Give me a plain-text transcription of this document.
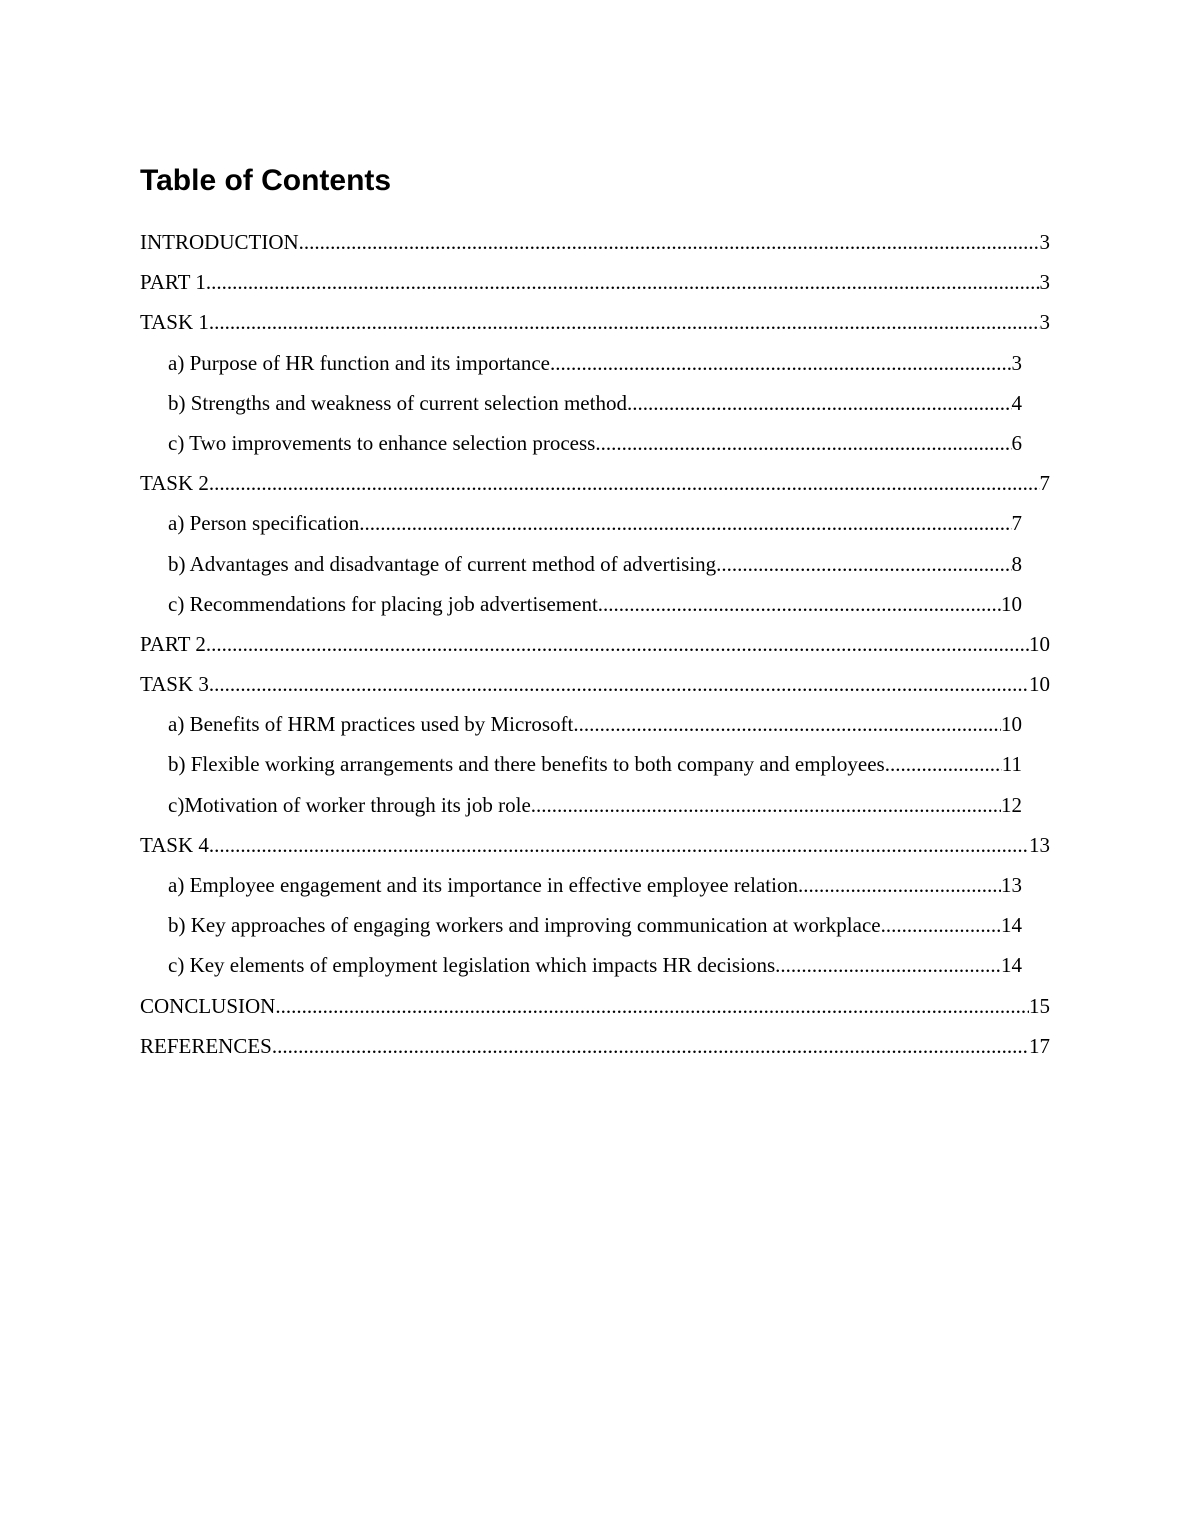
Table of Contents
INTRODUCTION .....	3
PART 1 .....	3
TASK 1 .....	3
a) Purpose of HR function and its importance .....	3
b) Strengths and weakness of current selection method .....	4
c) Two improvements to enhance selection process .....	6
TASK 2 .....	7
a) Person specification .....	7
b) Advantages and disadvantage of current method of advertising .....	8
c) Recommendations for placing job advertisement .....	10
PART 2 .....	10
TASK 3 .....	10
a) Benefits of HRM practices used by Microsoft .....	10
b) Flexible working arrangements and there benefits to both company and employees .....	11
c)Motivation of worker through its job role .....	12
TASK 4 .....	13
a) Employee engagement and its importance in effective employee relation .....	13
b) Key approaches of engaging workers and improving communication at workplace .....	14
c) Key elements of employment legislation which impacts HR decisions .....	14
CONCLUSION .....	15
REFERENCES .....	17
